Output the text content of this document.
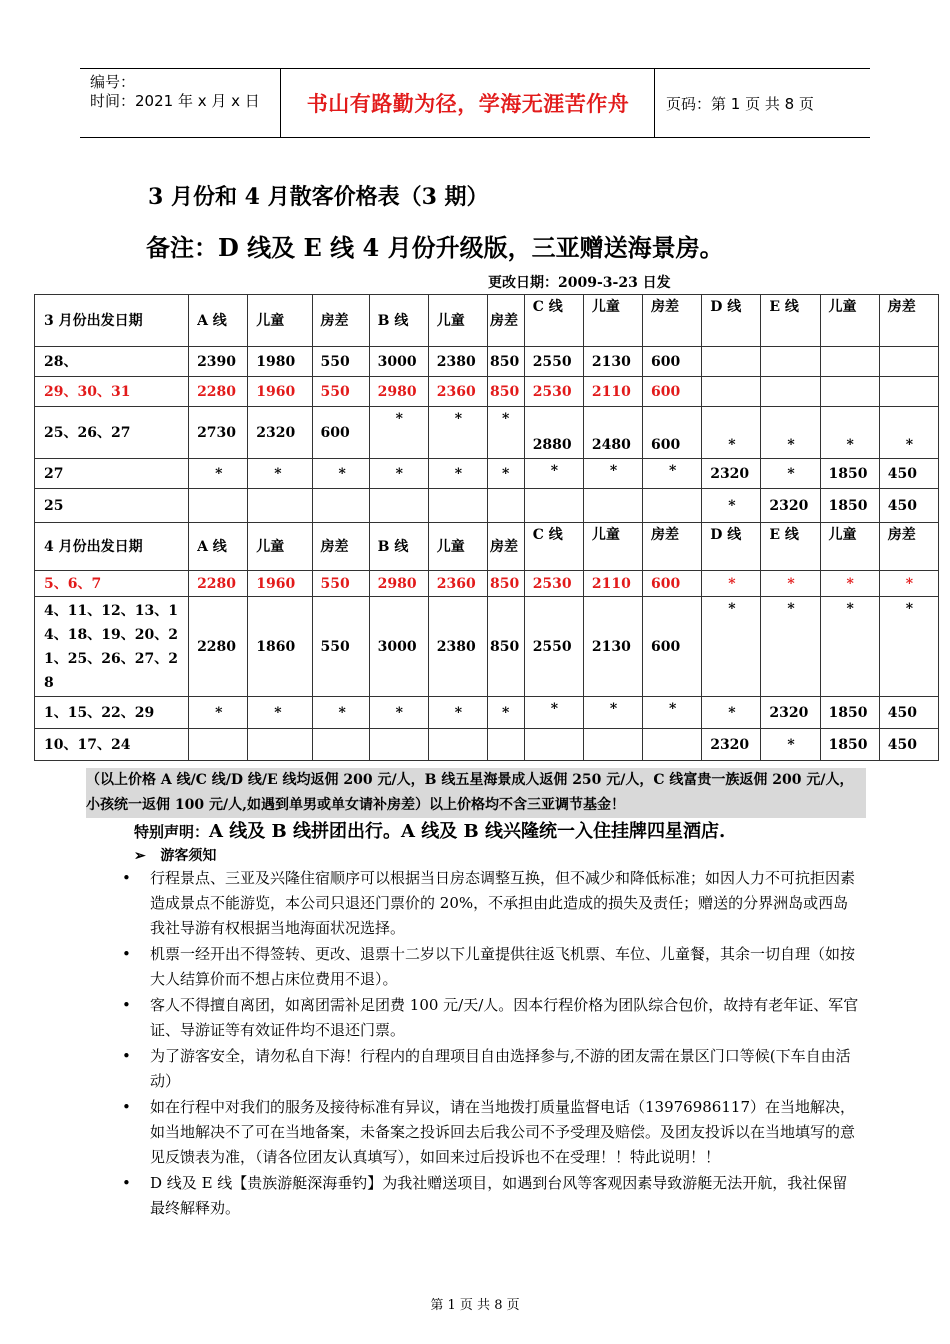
编号：
时间：2021 年 x 月 x 日	书山有路勤为径，学海无涯苦作舟	页码：第 1 页 共 8 页
3 月份和 4 月散客价格表（3 期）
备注：D 线及 E 线 4 月份升级版，三亚赠送海景房。
更改日期：2009-3-23 日发
3 月份出发日期	A 线	儿童	房差	B 线	儿童	房差	C 线	儿童	房差	D 线	E 线	儿童	房差
28、	2390	1980	550	3000	2380	850	2550	2130	600				
29、30、31	2280	1960	550	2980	2360	850	2530	2110	600				
25、26、27	2730	2320	600	*	*	*	2880	2480	600	*	*	*	*
27	*	*	*	*	*	*	*	*	*	2320	*	1850	450
25										*	2320	1850	450
4 月份出发日期	A 线	儿童	房差	B 线	儿童	房差	C 线	儿童	房差	D 线	E 线	儿童	房差
5、6、7	2280	1960	550	2980	2360	850	2530	2110	600	*	*	*	*
4、11、12、13、14、18、19、20、21、25、26、27、28	2280	1860	550	3000	2380	850	2550	2130	600	*	*	*	*
1、15、22、29	*	*	*	*	*	*	*	*	*	*	2320	1850	450
10、17、24										2320	*	1850	450
（以上价格 A 线/C 线/D 线/E 线均返佣 200 元/人，B 线五星海景成人返佣 250 元/人，C 线富贵一族返佣 200 元/人，小孩统一返佣 100 元/人,如遇到单男或单女请补房差）以上价格均不含三亚调节基金！
特别声明：A 线及 B 线拼团出行。A 线及 B 线兴隆统一入住挂牌四星酒店.
➢ 游客须知
• 行程景点、三亚及兴隆住宿顺序可以根据当日房态调整互换，但不减少和降低标准；如因人力不可抗拒因素造成景点不能游览，本公司只退还门票价的 20%，不承担由此造成的损失及责任；赠送的分界洲岛或西岛我社导游有权根据当地海面状况选择。
• 机票一经开出不得签转、更改、退票十二岁以下儿童提供往返飞机票、车位、儿童餐，其余一切自理（如按大人结算价而不想占床位费用不退）。
• 客人不得擅自离团，如离团需补足团费 100 元/天/人。因本行程价格为团队综合包价，故持有老年证、军官证、导游证等有效证件均不退还门票。
• 为了游客安全，请勿私自下海！行程内的自理项目自由选择参与,不游的团友需在景区门口等候(下车自由活动）
• 如在行程中对我们的服务及接待标准有异议，请在当地拨打质量监督电话（13976986117）在当地解决，如当地解决不了可在当地备案，未备案之投诉回去后我公司不予受理及赔偿。及团友投诉以在当地填写的意见反馈表为准，（请各位团友认真填写），如回来过后投诉也不在受理！！特此说明！！
• D 线及 E 线【贵族游艇深海垂钓】为我社赠送项目，如遇到台风等客观因素导致游艇无法开航，我社保留最终解释劝。
第 1 页 共 8 页
